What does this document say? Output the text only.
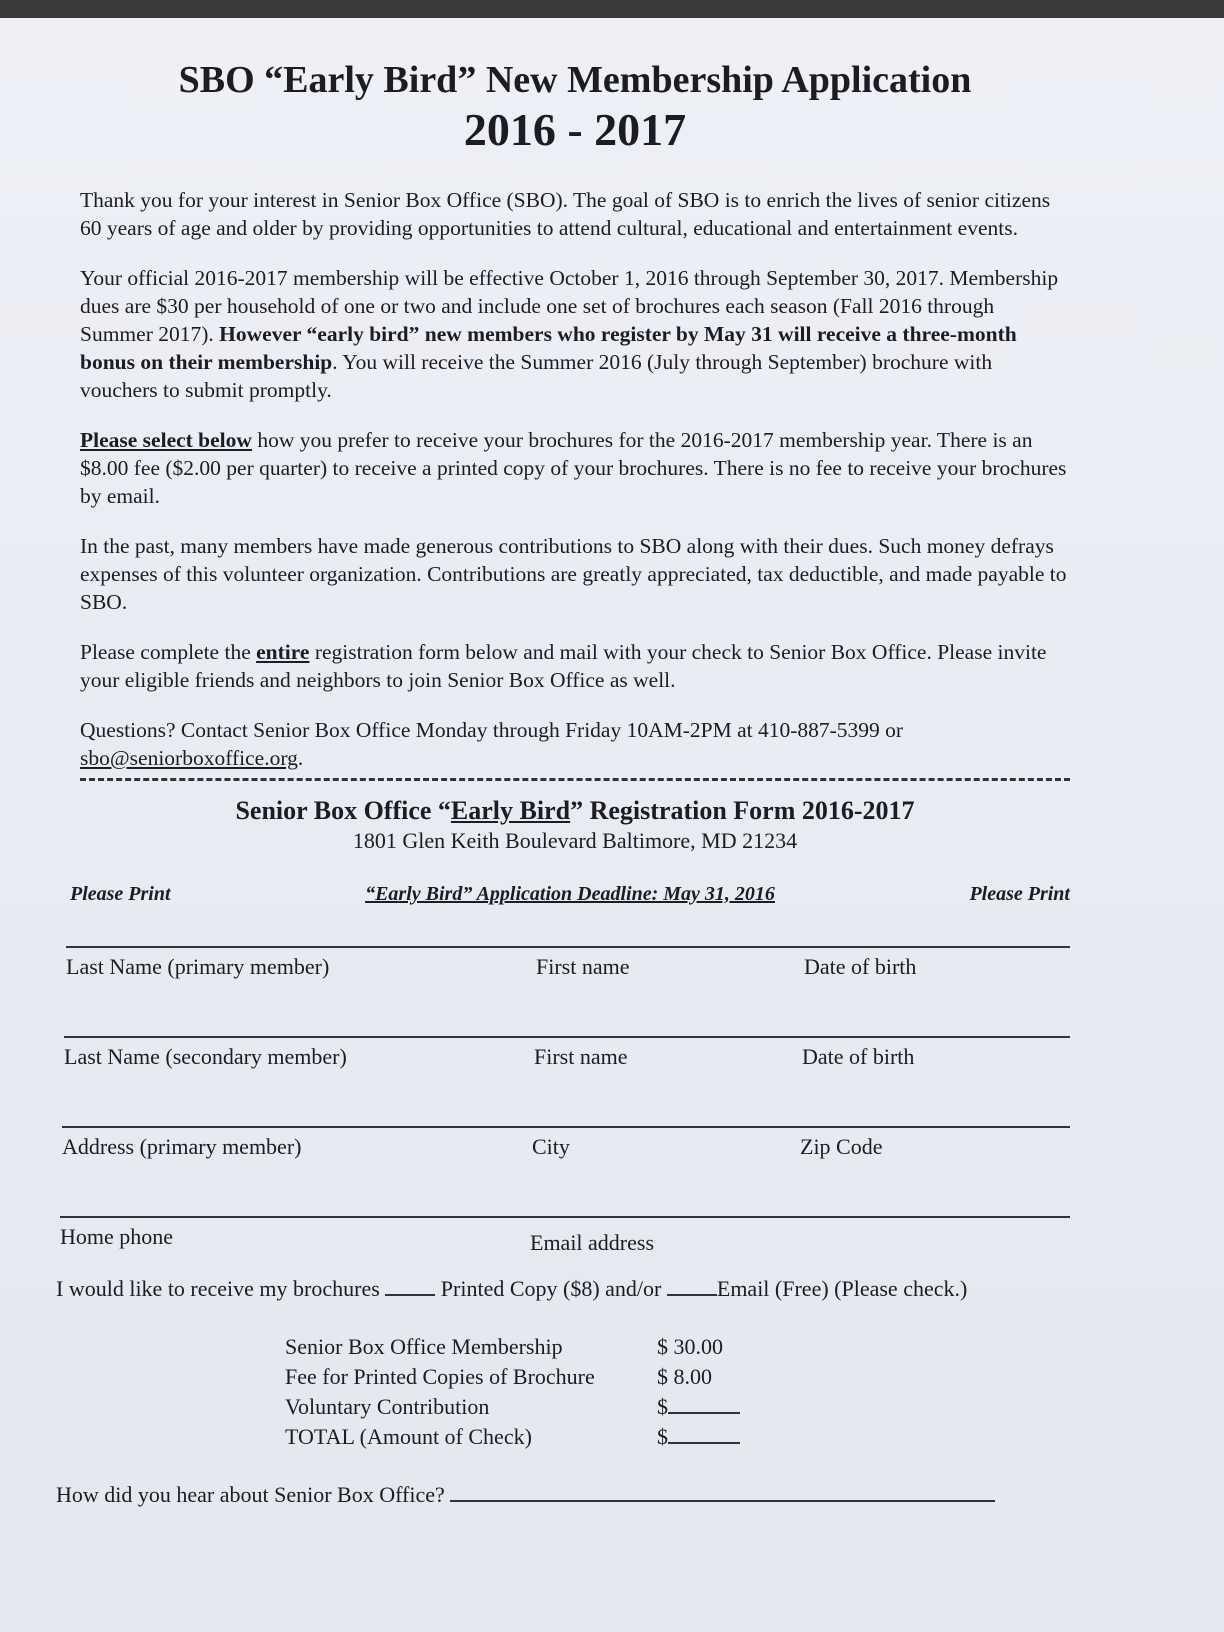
SBO “Early Bird” New Membership Application
2016 - 2017

Thank you for your interest in Senior Box Office (SBO). The goal of SBO is to enrich the lives of senior citizens 60 years of age and older by providing opportunities to attend cultural, educational and entertainment events.

Your official 2016-2017 membership will be effective October 1, 2016 through September 30, 2017. Membership dues are $30 per household of one or two and include one set of brochures each season (Fall 2016 through Summer 2017). However “early bird” new members who register by May 31 will receive a three-month bonus on their membership. You will receive the Summer 2016 (July through September) brochure with vouchers to submit promptly.

Please select below how you prefer to receive your brochures for the 2016-2017 membership year. There is an $8.00 fee ($2.00 per quarter) to receive a printed copy of your brochures. There is no fee to receive your brochures by email.

In the past, many members have made generous contributions to SBO along with their dues. Such money defrays expenses of this volunteer organization. Contributions are greatly appreciated, tax deductible, and made payable to SBO.

Please complete the entire registration form below and mail with your check to Senior Box Office. Please invite your eligible friends and neighbors to join Senior Box Office as well.

Questions? Contact Senior Box Office Monday through Friday 10AM-2PM at 410-887-5399 or sbo@seniorboxoffice.org.

Senior Box Office “Early Bird” Registration Form 2016-2017
1801 Glen Keith Boulevard Baltimore, MD 21234
Please Print	“Early Bird” Application Deadline: May 31, 2016	Please Print
Last Name (primary member)	First name	Date of birth
Last Name (secondary member)	First name	Date of birth
Address (primary member)	City	Zip Code
Home phone	Email address
I would like to receive my brochures	Printed Copy ($8) and/or Email (Free) (Please check.)
Senior Box Office Membership	$ 30.00
Fee for Printed Copies of Brochure	$ 8.00
Voluntary Contribution	$
TOTAL (Amount of Check)	$
How did you hear about Senior Box Office?
